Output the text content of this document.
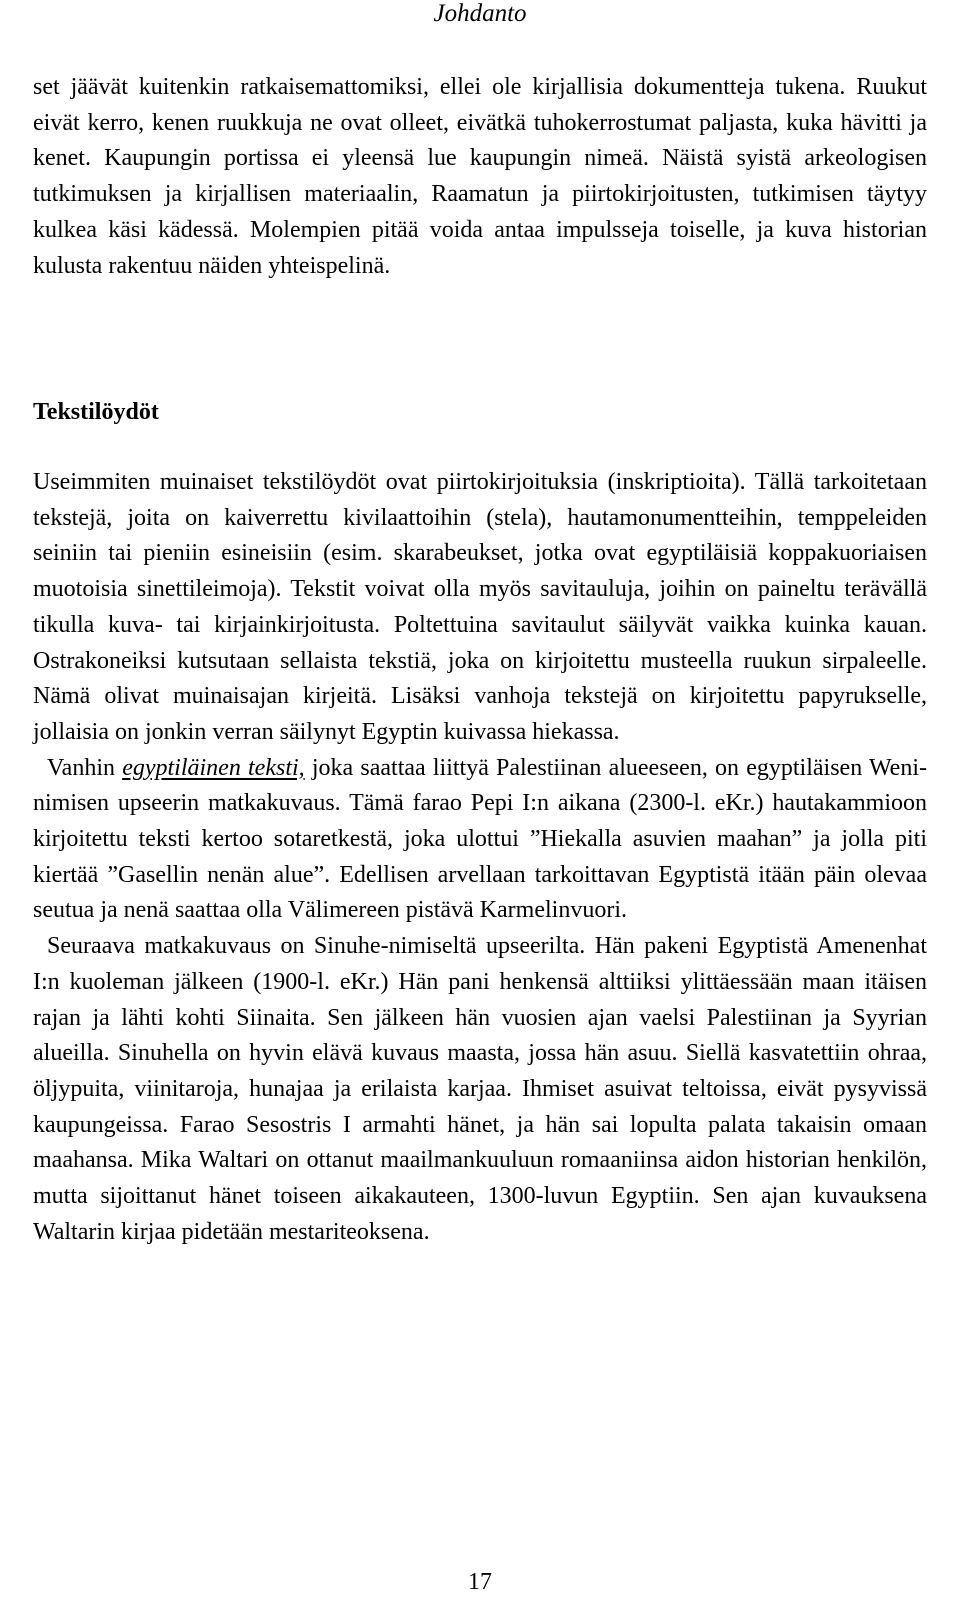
Johdanto

set jäävät kuitenkin ratkaisemattomiksi, ellei ole kirjallisia dokumentteja tukena. Ruukut eivät kerro, kenen ruukkuja ne ovat olleet, eivätkä tuhokerrostumat paljasta, kuka hävitti ja kenet. Kaupungin portissa ei yleensä lue kaupungin nimeä. Näistä syistä arkeologisen tutkimuksen ja kirjallisen materiaalin, Raamatun ja piirtokirjoitusten, tutkimisen täytyy kulkea käsi kädessä. Molempien pitää voida antaa impulsseja toiselle, ja kuva historian kulusta rakentuu näiden yhteispelinä.

Tekstilöydöt

Useimmiten muinaiset tekstilöydöt ovat piirtokirjoituksia (inskriptioita). Tällä tarkoitetaan tekstejä, joita on kaiverrettu kivilaattoihin (stela), hautamonumentteihin, temppeleiden seiniin tai pieniin esineisiin (esim. skarabeukset, jotka ovat egyptiläisiä koppakuoriaisen muotoisia sinettileimoja). Tekstit voivat olla myös savitauluja, joihin on paineltu terävällä tikulla kuva- tai kirjainkirjoitusta. Poltettuina savitaulut säilyvät vaikka kuinka kauan. Ostrakoneiksi kutsutaan sellaista tekstiä, joka on kirjoitettu musteella ruukun sirpaleelle. Nämä olivat muinaisajan kirjeitä. Lisäksi vanhoja tekstejä on kirjoitettu papyrukselle, jollaisia on jonkin verran säilynyt Egyptin kuivassa hiekassa.

Vanhin egyptiläinen teksti, joka saattaa liittyä Palestiinan alueeseen, on egyptiläisen Weni-nimisen upseerin matkakuvaus. Tämä farao Pepi I:n aikana (2300-l. eKr.) hautakammioon kirjoitettu teksti kertoo sotaretkestä, joka ulottui ”Hiekalla asuvien maahan” ja jolla piti kiertää ”Gasellin nenän alue”. Edellisen arvellaan tarkoittavan Egyptistä itään päin olevaa seutua ja nenä saattaa olla Välimereen pistävä Karmelinvuori.

Seuraava matkakuvaus on Sinuhe-nimiseltä upseerilta. Hän pakeni Egyptistä Amenenhat I:n kuoleman jälkeen (1900-l. eKr.) Hän pani henkensä alttiiksi ylittäessään maan itäisen rajan ja lähti kohti Siinaita. Sen jälkeen hän vuosien ajan vaelsi Palestiinan ja Syyrian alueilla. Sinuhella on hyvin elävä kuvaus maasta, jossa hän asuu. Siellä kasvatettiin ohraa, öljypuita, viinitaroja, hunajaa ja erilaista karjaa. Ihmiset asuivat teltoissa, eivät pysyvissä kaupungeissa. Farao Sesostris I armahti hänet, ja hän sai lopulta palata takaisin omaan maahansa. Mika Waltari on ottanut maailmankuuluun romaaniinsa aidon historian henkilön, mutta sijoittanut hänet toiseen aikakauteen, 1300-luvun Egyptiin. Sen ajan kuvauksena Waltarin kirjaa pidetään mestariteoksena.

17
